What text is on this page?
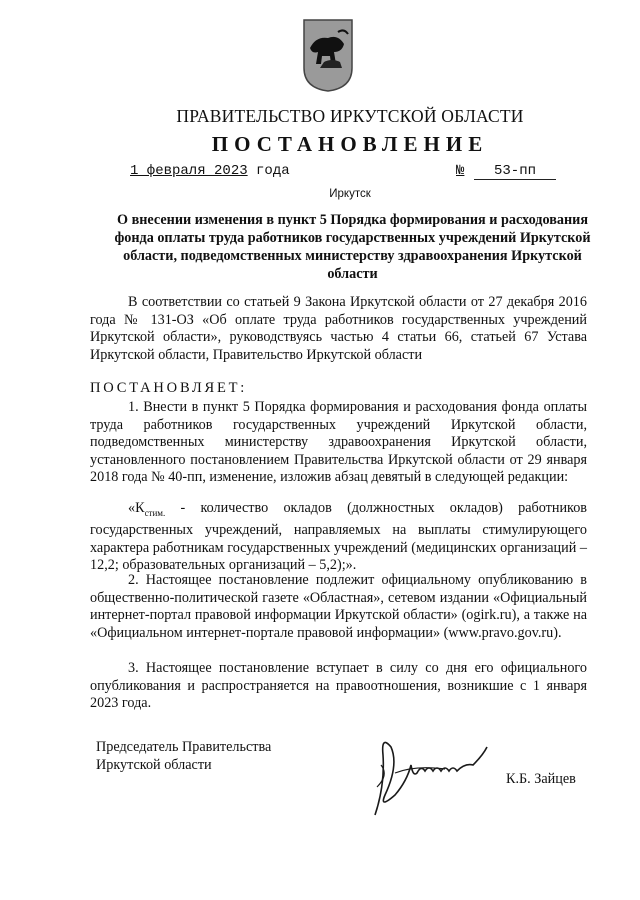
ПРАВИТЕЛЬСТВО ИРКУТСКОЙ ОБЛАСТИ
ПОСТАНОВЛЕНИЕ
1 февраля 2023 года	№	53-пп
Иркутск
О внесении изменения в пункт 5 Порядка формирования и расходования фонда оплаты труда работников государственных учреждений Иркутской области, подведомственных министерству здравоохранения Иркутской области

В соответствии со статьей 9 Закона Иркутской области от 27 декабря 2016 года № 131-ОЗ «Об оплате труда работников государственных учреждений Иркутской области», руководствуясь частью 4 статьи 66, статьей 67 Устава Иркутской области, Правительство Иркутской области

ПОСТАНОВЛЯЕТ:

1. Внести в пункт 5 Порядка формирования и расходования фонда оплаты труда работников государственных учреждений Иркутской области, подведомственных министерству здравоохранения Иркутской области, установленного постановлением Правительства Иркутской области от 29 января 2018 года № 40-пп, изменение, изложив абзац девятый в следующей редакции:

«$К_{стим.}$ - количество окладов (должностных окладов) работников государственных учреждений, направляемых на выплаты стимулирующего характера работникам государственных учреждений (медицинских организаций – 12,2; образовательных организаций – 5,2);».

2. Настоящее постановление подлежит официальному опубликованию в общественно-политической газете «Областная», сетевом издании «Официальный интернет-портал правовой информации Иркутской области» (ogirk.ru), а также на «Официальном интернет-портале правовой информации» (www.pravo.gov.ru).

3. Настоящее постановление вступает в силу со дня его официального опубликования и распространяется на правоотношения, возникшие с 1 января 2023 года.

Председатель Правительства
Иркутской области
К.Б. Зайцев
